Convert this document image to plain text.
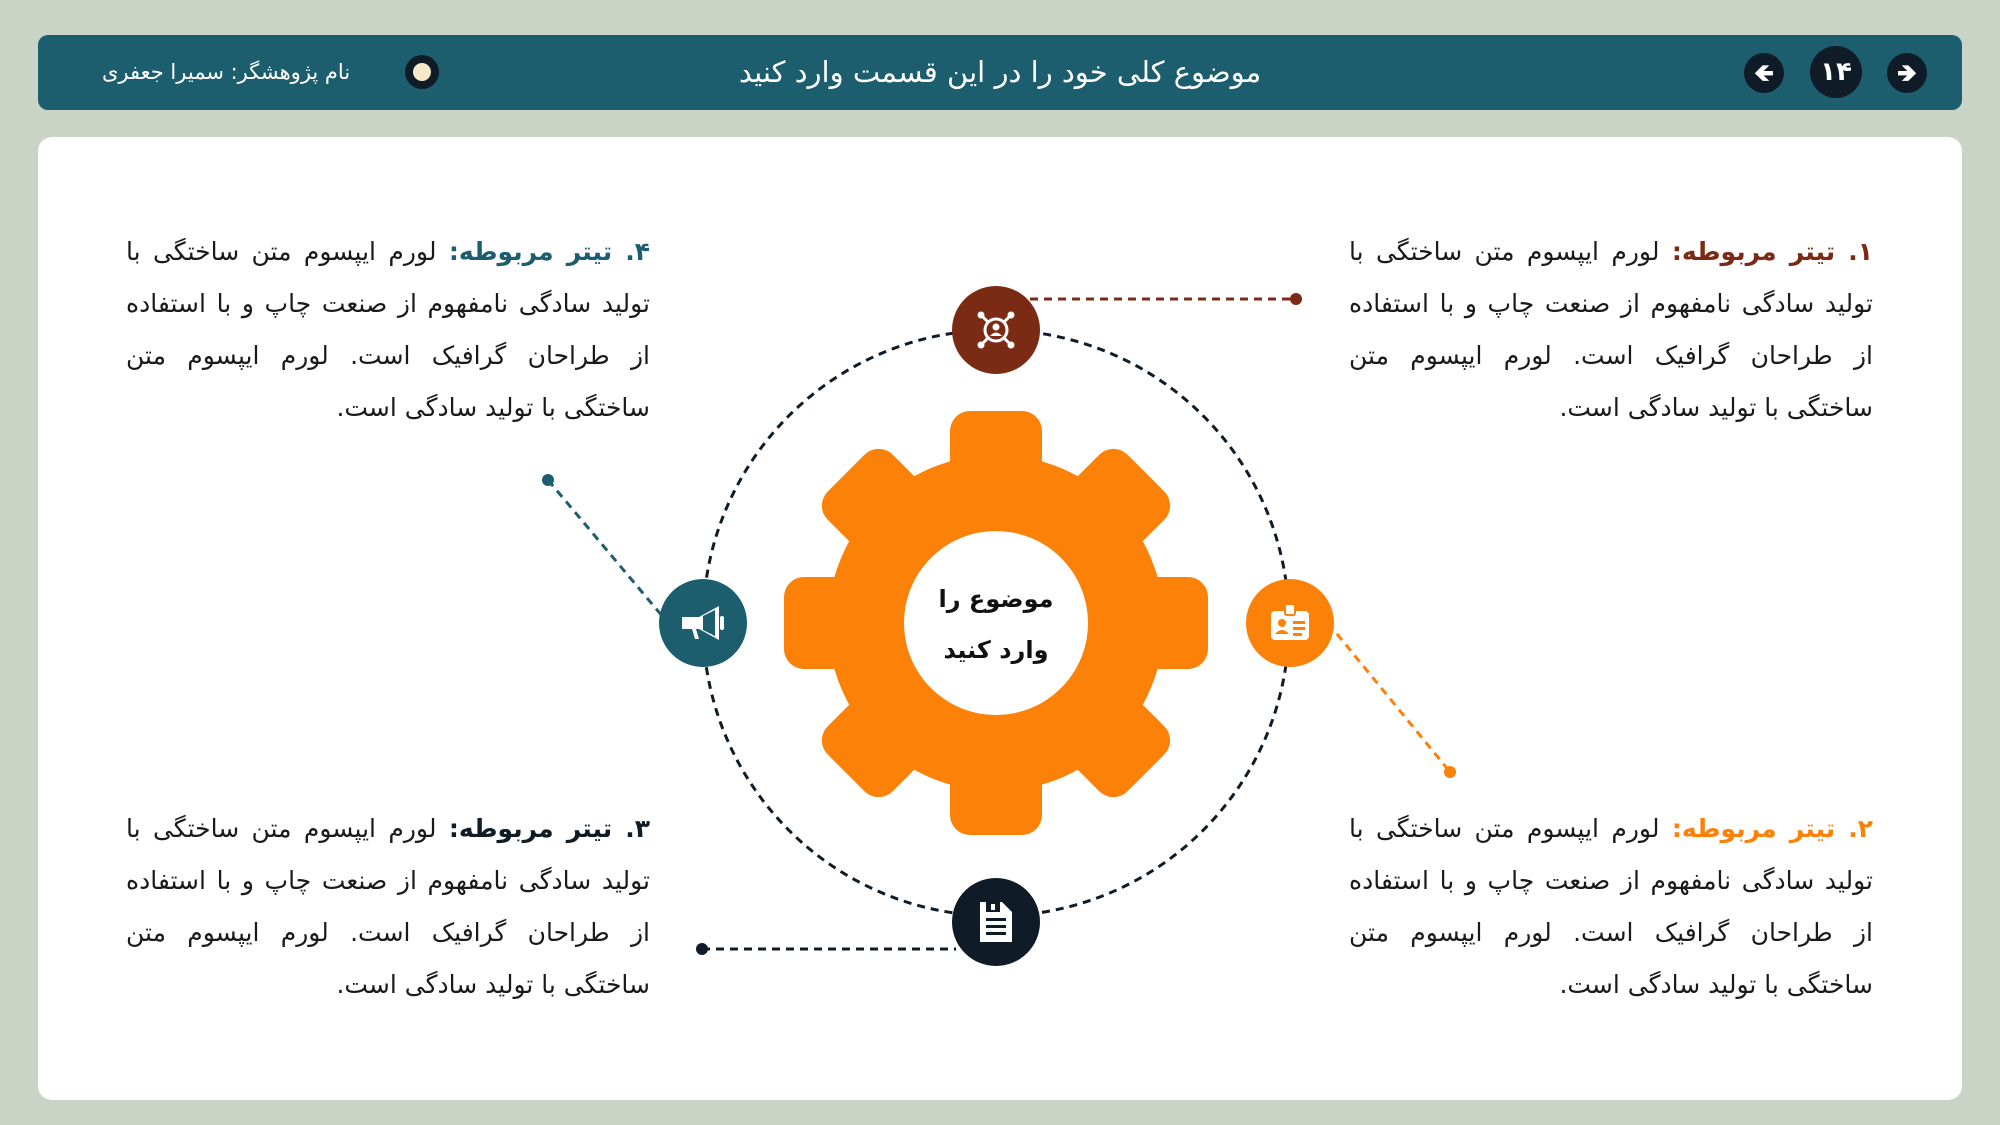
نام پژوهشگر: سمیرا جعفری	موضوع کلی خود را در این قسمت وارد کنید	🡸	۱۴	🡺
موضوع را
وارد کنید
۱. تیتر مربوطه: لورم ایپسوم متن ساختگی با تولید سادگی نامفهوم از صنعت چاپ و با استفاده از طراحان گرافیک است. لورم ایپسوم متن ساختگی با تولید سادگی است.
۲. تیتر مربوطه: لورم ایپسوم متن ساختگی با تولید سادگی نامفهوم از صنعت چاپ و با استفاده از طراحان گرافیک است. لورم ایپسوم متن ساختگی با تولید سادگی است.
۳. تیتر مربوطه: لورم ایپسوم متن ساختگی با تولید سادگی نامفهوم از صنعت چاپ و با استفاده از طراحان گرافیک است. لورم ایپسوم متن ساختگی با تولید سادگی است.
۴. تیتر مربوطه: لورم ایپسوم متن ساختگی با تولید سادگی نامفهوم از صنعت چاپ و با استفاده از طراحان گرافیک است. لورم ایپسوم متن ساختگی با تولید سادگی است.
